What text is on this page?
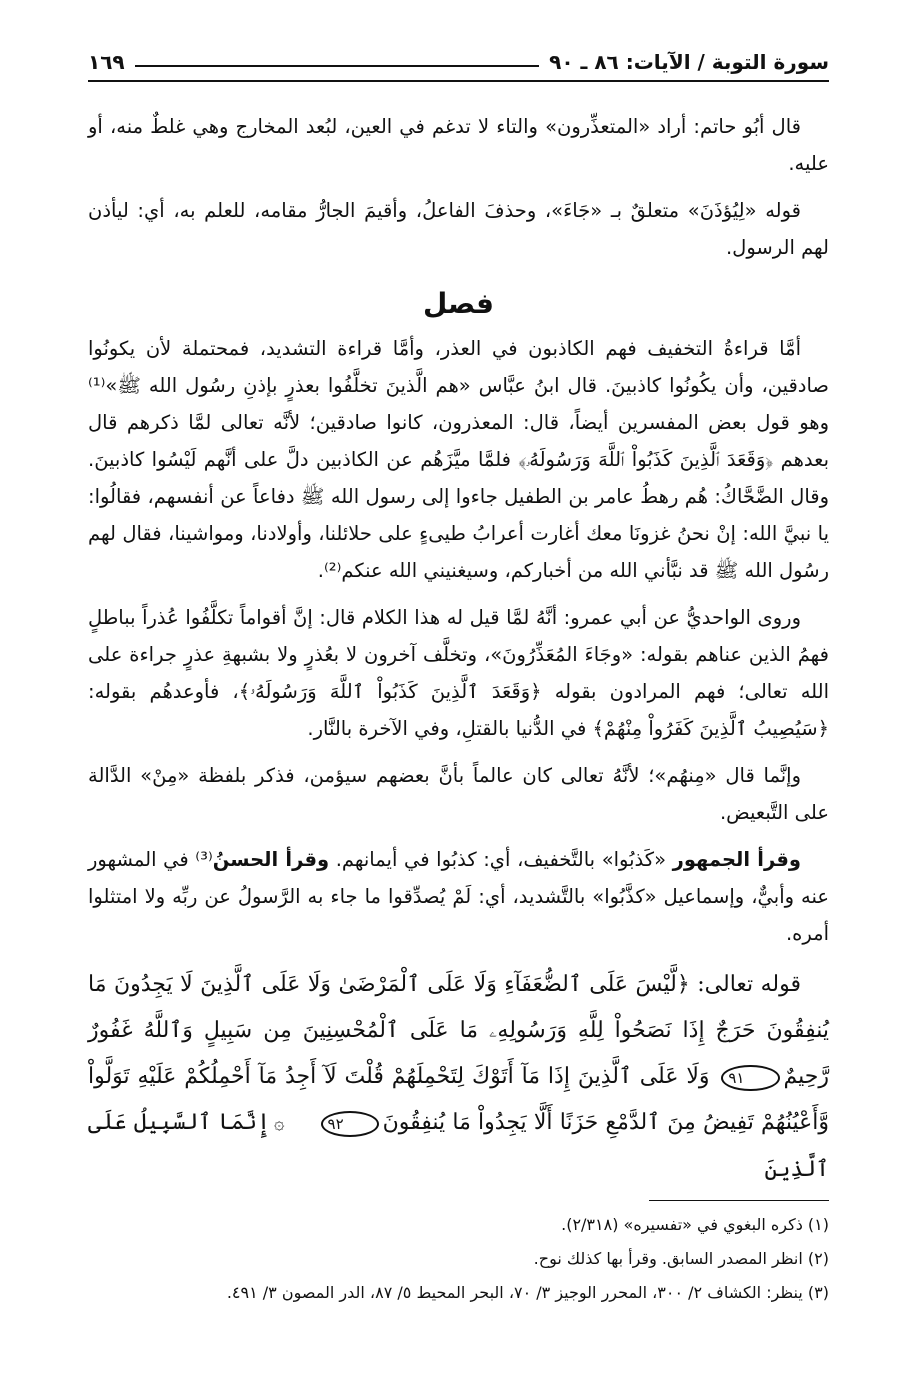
سورة التوبة / الآيات: ٨٦ ـ ٩٠
١٦٩

قال أبُو حاتم: أراد «المتعذِّرون» والتاء لا تدغم في العين، لبُعد المخارج وهي غلطٌ منه، أو عليه.

قوله «لِيُؤذَنَ» متعلقٌ بـ «جَاءَ»، وحذفَ الفاعلُ، وأقيمَ الجارُّ مقامه، للعلم به، أي: ليأذن لهم الرسول.

فصل

أمَّا قراءةُ التخفيف فهم الكاذبون في العذر، وأمَّا قراءة التشديد، فمحتملة لأن يكونُوا صادقين، وأن يكُونُوا كاذبينَ. قال ابنُ عبَّاس «هم الَّذينَ تخلَّفُوا بعذرٍ بإذنِ رسُول الله ﷺ»⁽¹⁾ وهو قول بعض المفسرين أيضاً، قال: المعذرون، كانوا صادقين؛ لأنَّه تعالى لمَّا ذكرهم قال بعدهم ﴿وَقَعَدَ ٱلَّذِينَ كَذَبُواْ ٱللَّهَ وَرَسُولَهُۥ﴾ فلمَّا ميَّزَهُم عن الكاذبين دلَّ على أنَّهم لَيْسُوا كاذبينَ. وقال الضَّحَّاكُ: هُم رهطُ عامر بن الطفيل جاءوا إلى رسول الله ﷺ دفاعاً عن أنفسهم، فقالُوا: يا نبيَّ الله: إنْ نحنُ غزونَا معك أغارت أعرابُ طيىءٍ على حلائلنا، وأولادنا، ومواشينا، فقال لهم رسُول الله ﷺ قد نبَّأني الله من أخباركم، وسيغنيني الله عنكم⁽²⁾.

وروى الواحديُّ عن أبي عمرو: أنَّهُ لمَّا قيل له هذا الكلام قال: إنَّ أقواماً تكلَّفُوا عُذراً بباطلٍ فهمُ الذين عناهم بقوله: «وجَاءَ المُعَذِّرُونَ»، وتخلَّف آخرون لا بعُذرٍ ولا بشبهةِ عذرٍ جراءة على الله تعالى؛ فهم المرادون بقوله ﴿وَقَعَدَ ٱلَّذِينَ كَذَبُواْ ٱللَّهَ وَرَسُولَهُۥ﴾، فأوعدهُم بقوله: ﴿سَيُصِيبُ ٱلَّذِينَ كَفَرُواْ مِنْهُمْ﴾ في الدُّنيا بالقتلِ، وفي الآخرة بالنَّار.

وإنَّما قال «مِنهُم»؛ لأنَّهُ تعالى كان عالماً بأنَّ بعضهم سيؤمن، فذكر بلفظة «مِنْ» الدَّالة على التَّبعيض.

وقرأ الجمهور «كَذبُوا» بالتَّخفيف، أي: كذبُوا في أيمانهم. وقرأ الحسنُ⁽³⁾ في المشهور عنه وأبيٌّ، وإسماعيل «كذَّبُوا» بالتَّشديد، أي: لَمْ يُصدِّقوا ما جاء به الرَّسولُ عن ربِّه ولا امتثلوا أمره.

قوله تعالى: ﴿لَّيْسَ عَلَى ٱلضُّعَفَآءِ وَلَا عَلَى ٱلْمَرْضَىٰ وَلَا عَلَى ٱلَّذِينَ لَا يَجِدُونَ مَا يُنفِقُونَ حَرَجٌ إِذَا نَصَحُواْ لِلَّهِ وَرَسُولِهِۦ مَا عَلَى ٱلْمُحْسِنِينَ مِن سَبِيلٍ وَٱللَّهُ غَفُورٌ رَّحِيمٌ٩١ وَلَا عَلَى ٱلَّذِينَ إِذَا مَآ أَتَوْكَ لِتَحْمِلَهُمْ قُلْتَ لَآ أَجِدُ مَآ أَحْمِلُكُمْ عَلَيْهِ تَوَلَّواْ وَّأَعْيُنُهُمْ تَفِيضُ مِنَ ٱلدَّمْعِ حَزَنًا أَلَّا يَجِدُواْ مَا يُنفِقُونَ٩٢۞إِنَّمَا ٱلسَّبِيلُ عَلَى ٱلَّذِينَ

(١) ذكره البغوي في «تفسيره» (٢/٣١٨).

(٢) انظر المصدر السابق. وقرأ بها كذلك نوح.

(٣) ينظر: الكشاف ٢/ ٣٠٠، المحرر الوجيز ٣/ ٧٠، البحر المحيط ٥/ ٨٧، الدر المصون ٣/ ٤٩١.
